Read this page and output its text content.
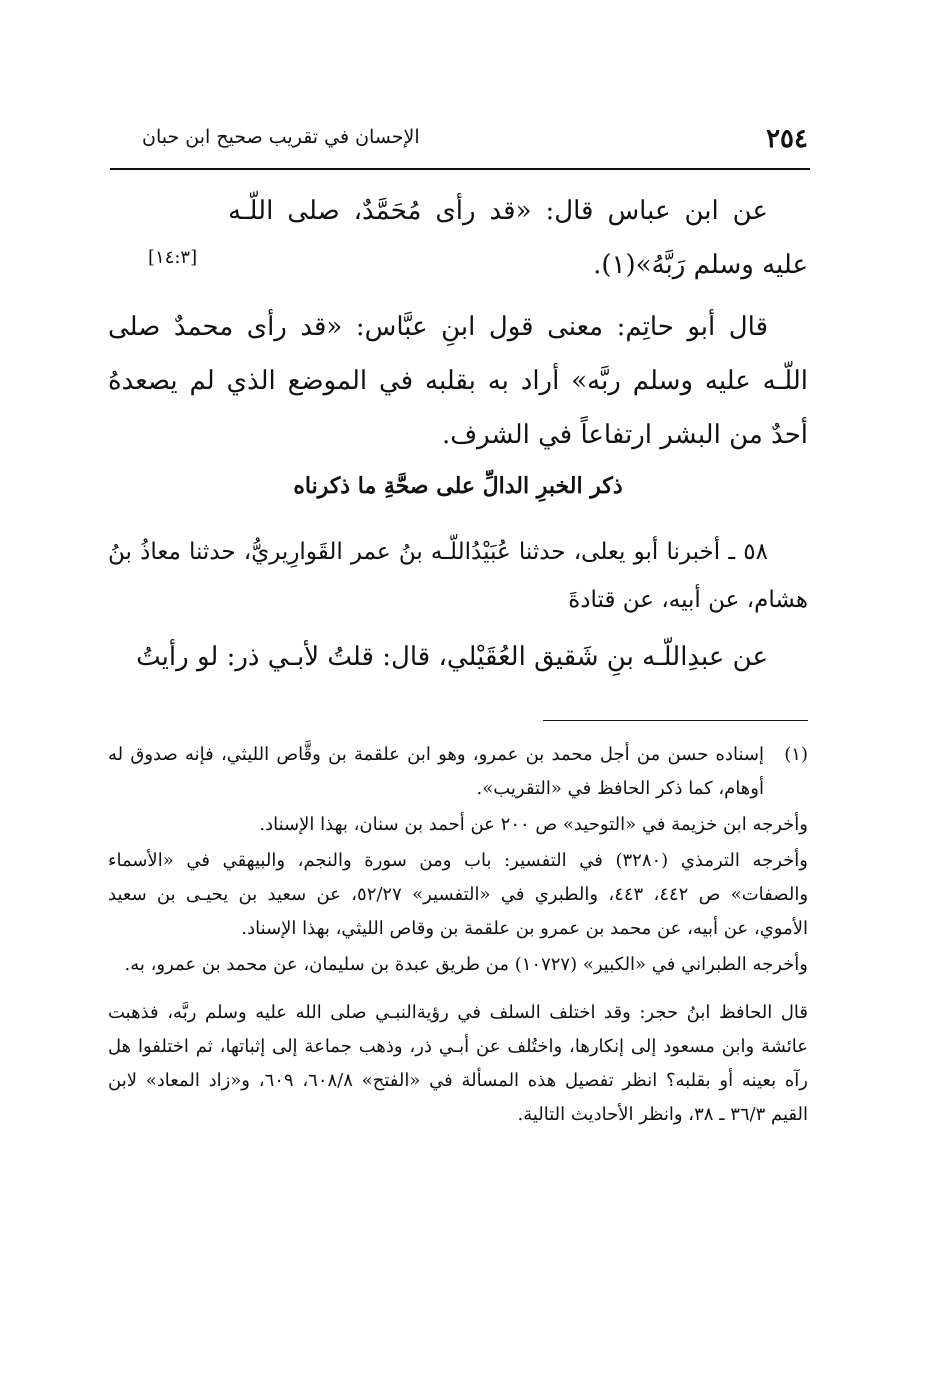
٢٥٤
الإحسان في تقريب صحيح ابن حبان

عن ابن عباس قال: «قد رأى مُحَمَّدٌ، صلى اللّـه عليه وسلم رَبَّهُ»(١).

[١٤:٣]

قال أبو حاتِم: معنى قول ابنِ عبَّاس: «قد رأى محمدٌ صلى اللّـه عليه وسلم ربَّه» أراد به بقلبه في الموضع الذي لم يصعدهُ أحدٌ من البشر ارتفاعاً في الشرف.

ذكر الخبرِ الدالِّ على صحَّةِ ما ذكرناه

٥٨ ـ أخبرنا أبو يعلى، حدثنا عُبَيْدُاللّـه بنُ عمر القَوارِيريُّ، حدثنا معاذُ بنُ هشام، عن أبيه، عن قتادةَ

عن عبدِاللّـه بنِ شَقيق العُقَيْلي، قال: قلتُ لأبـي ذر: لو رأيتُ

(١)
إسناده حسن من أجل محمد بن عمرو، وهو ابن علقمة بن وقَّاص الليثي، فإنه صدوق له أوهام، كما ذكر الحافظ في «التقريب».

وأخرجه ابن خزيمة في «التوحيد» ص ٢٠٠ عن أحمد بن سنان، بهذا الإسناد.

وأخرجه الترمذي (٣٢٨٠) في التفسير: باب ومن سورة والنجم، والبيهقي في «الأسماء والصفات» ص ٤٤٢، ٤٤٣، والطبري في «التفسير» ٥٢/٢٧، عن سعيد بن يحيـى بن سعيد الأموي، عن أبيه، عن محمد بن عمرو بن علقمة بن وقاص الليثي، بهذا الإسناد.

وأخرجه الطبراني في «الكبير» (١٠٧٢٧) من طريق عبدة بن سليمان، عن محمد بن عمرو، به.

قال الحافظ ابنُ حجر: وقد اختلف السلف في رؤيةالنبـي صلى الله عليه وسلم ربَّه، فذهبت عائشة وابن مسعود إلى إنكارها، واختُلف عن أبـي ذر، وذهب جماعة إلى إثباتها، ثم اختلفوا هل رآه بعينه أو بقلبه؟ انظر تفصيل هذه المسألة في «الفتح» ٦٠٨/٨، ٦٠٩، و«زاد المعاد» لابن القيم ٣٦/٣ ـ ٣٨، وانظر الأحاديث التالية.
